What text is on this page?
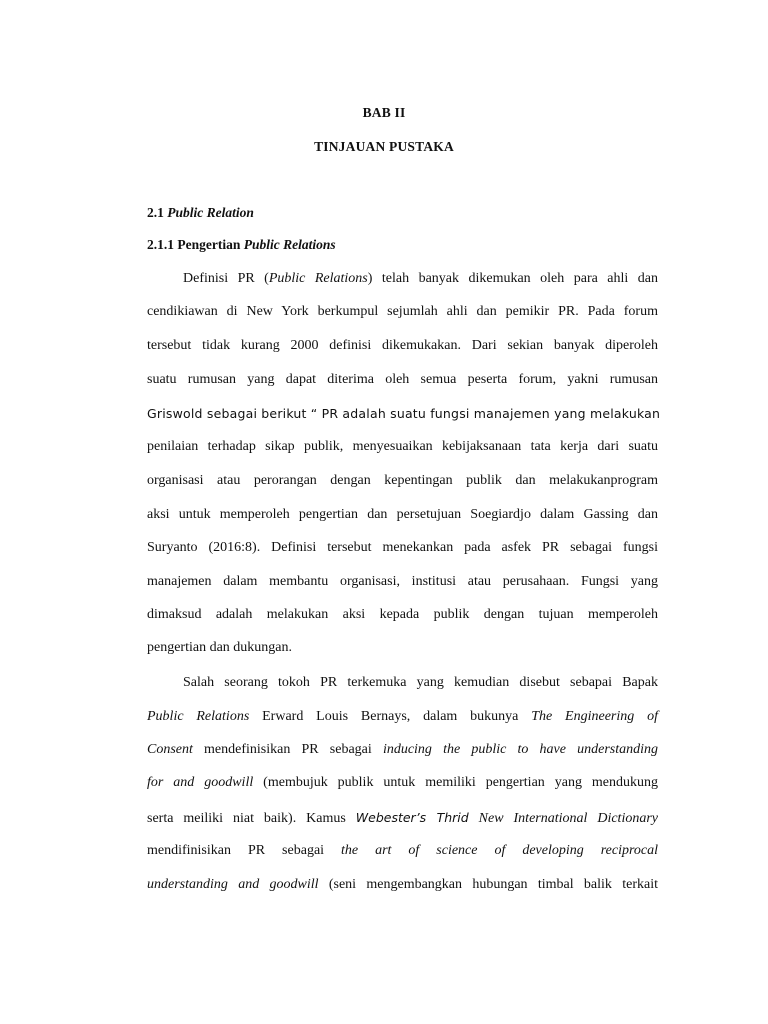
BAB II
TINJAUAN PUSTAKA
2.1 Public Relation
2.1.1 Pengertian Public Relations
Definisi PR (Public Relations) telah banyak dikemukan oleh para ahli dan
cendikiawan di New York berkumpul sejumlah ahli dan pemikir PR. Pada forum
tersebut tidak kurang 2000 definisi dikemukakan. Dari sekian banyak diperoleh
suatu rumusan yang dapat diterima oleh semua peserta forum, yakni rumusan
Griswold sebagai berikut “ PR adalah suatu fungsi manajemen yang melakukan
penilaian terhadap sikap publik, menyesuaikan kebijaksanaan tata kerja dari suatu
organisasi atau perorangan dengan kepentingan publik dan melakukanprogram
aksi untuk memperoleh pengertian dan persetujuan Soegiardjo dalam Gassing dan
Suryanto (2016:8). Definisi tersebut menekankan pada asfek PR sebagai fungsi
manajemen dalam membantu organisasi, institusi atau perusahaan. Fungsi yang
dimaksud adalah melakukan aksi kepada publik dengan tujuan memperoleh
pengertian dan dukungan.
Salah seorang tokoh PR terkemuka yang kemudian disebut sebapai Bapak
Public Relations Erward Louis Bernays, dalam bukunya The Engineering of
Consent mendefinisikan PR sebagai inducing the public to have understanding
for and goodwill (membujuk publik untuk memiliki pengertian yang mendukung
serta meiliki niat baik). Kamus Webester’s Thrid New International Dictionary
mendifinisikan PR sebagai the art of science of developing reciprocal
understanding and goodwill (seni mengembangkan hubungan timbal balik terkait
